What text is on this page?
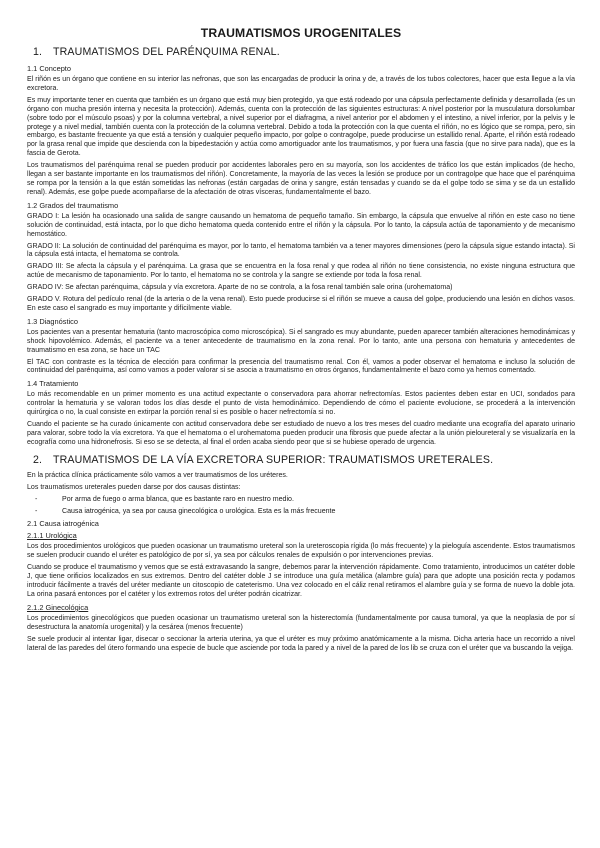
TRAUMATISMOS UROGENITALES
1. TRAUMATISMOS DEL PARÉNQUIMA RENAL.
1.1 Concepto

El riñón es un órgano que contiene en su interior las nefronas, que son las encargadas de producir la orina y de, a través de los tubos colectores, hacer que esta llegue a la vía excretora.

Es muy importante tener en cuenta que también es un órgano que está muy bien protegido, ya que está rodeado por una cápsula perfectamente definida y desarrollada (es un órgano con mucha presión interna y necesita la protección). Además, cuenta con la protección de las siguientes estructuras: A nivel posterior por la musculatura dorsolumbar (sobre todo por el músculo psoas) y por la columna vertebral, a nivel superior por el diafragma, a nivel anterior por el abdomen y el intestino, a nivel inferior, por la pelvis y le protege y a nivel medial, también cuenta con la protección de la columna vertebral. Debido a toda la protección con la que cuenta el riñón, no es lógico que se rompa, pero, sin embargo, es bastante frecuente ya que está a tensión y cualquier pequeño impacto, por golpe o contragolpe, puede producirse un estallido renal. Aparte, el riñón está rodeado por la grasa renal que impide que descienda con la bipedestación y actúa como amortiguador ante los traumatismos, y por fuera una fascia (que no sirve para nada), que es la fascia de Gerota.

Los traumatismos del parénquima renal se pueden producir por accidentes laborales pero en su mayoría, son los accidentes de tráfico los que están implicados (de hecho, llegan a ser bastante importante en los traumatismos del riñón). Concretamente, la mayoría de las veces la lesión se produce por un contragolpe que hace que el parénquima se rompa por la tensión a la que están sometidas las nefronas (están cargadas de orina y sangre, están tensadas y cuando se da el golpe todo se sima y se da un estallido renal). Además, ese golpe puede acompañarse de la afectación de otras vísceras, fundamentalmente el bazo.

1.2 Grados del traumatismo

GRADO I: La lesión ha ocasionado una salida de sangre causando un hematoma de pequeño tamaño. Sin embargo, la cápsula que envuelve al riñón en este caso no tiene solución de continuidad, está intacta, por lo que dicho hematoma queda contenido entre el riñón y la cápsula. Por lo tanto, la cápsula actúa de taponamiento y de mecanismo hemostático.

GRADO II: La solución de continuidad del parénquima es mayor, por lo tanto, el hematoma también va a tener mayores dimensiones (pero la cápsula sigue estando intacta). Si la cápsula está intacta, el hematoma se controla.

GRADO III: Se afecta la cápsula y el parénquima. La grasa que se encuentra en la fosa renal y que rodea al riñón no tiene consistencia, no existe ninguna estructura que actúe de mecanismo de taponamiento. Por lo tanto, el hematoma no se controla y la sangre se extiende por toda la fosa renal.

GRADO IV: Se afectan parénquima, cápsula y vía excretora. Aparte de no se controla, a la fosa renal también sale orina (urohematoma)

GRADO V. Rotura del pedículo renal (de la arteria o de la vena renal). Esto puede producirse si el riñón se mueve a causa del golpe, produciendo una lesión en dichos vasos. En este caso el sangrado es muy importante y difícilmente viable.

1.3 Diagnóstico

Los pacientes van a presentar hematuria (tanto macroscópica como microscópica). Si el sangrado es muy abundante, pueden aparecer también alteraciones hemodinámicas y shock hipovolémico. Además, el paciente va a tener antecedente de traumatismo en la zona renal. Por lo tanto, ante una persona con hematuria y antecedentes de traumatismo en esa zona, se hace un TAC

El TAC con contraste es la técnica de elección para confirmar la presencia del traumatismo renal. Con él, vamos a poder observar el hematoma e incluso la solución de continuidad del parénquima, así como vamos a poder valorar si se asocia a traumatismo en otros órganos, fundamentalmente el bazo como ya hemos comentado.

1.4 Tratamiento

Lo más recomendable en un primer momento es una actitud expectante o conservadora para ahorrar nefrectomías. Estos pacientes deben estar en UCI, sondados para controlar la hematuria y se valoran todos los días desde el punto de vista hemodinámico. Dependiendo de cómo el paciente evolucione, se procederá a la intervención quirúrgica o no, la cual consiste en extirpar la porción renal si es posible o hacer nefrectomía si no.

Cuando el paciente se ha curado únicamente con actitud conservadora debe ser estudiado de nuevo a los tres meses del cuadro mediante una ecografía del aparato urinario para valorar, sobre todo la vía excretora. Ya que el hematoma o el urohematoma pueden producir una fibrosis que puede afectar a la unión pieloureteral y se visualizaría en la ecografía como una hidronefrosis. Si eso se se detecta, al final el orden acaba siendo peor que si se hubiese operado de urgencia.

2. TRAUMATISMOS DE LA VÍA EXCRETORA SUPERIOR: TRAUMATISMOS URETERALES.

En la práctica clínica prácticamente sólo vamos a ver traumatismos de los uréteres.

Los traumatismos ureterales pueden darse por dos causas distintas:

-	Por arma de fuego o arma blanca, que es bastante raro en nuestro medio.
-	Causa iatrogénica, ya sea por causa ginecológica o urológica. Esta es la más frecuente
2.1 Causa iatrogénica
2.1.1 Urológica

Los dos procedimientos urológicos que pueden ocasionar un traumatismo ureteral son la ureteroscopia rígida (lo más frecuente) y la pieloguía ascendente. Estos traumatismos se suelen producir cuando el uréter es patológico de por sí, ya sea por cálculos renales de expulsión o por intervenciones previas.

Cuando se produce el traumatismo y vemos que se está extravasando la sangre, debemos parar la intervención rápidamente. Como tratamiento, introducimos un catéter doble J, que tiene orificios localizados en sus extremos. Dentro del catéter doble J se introduce una guía metálica (alambre guía) para que adopte una posición recta y podamos introducir fácilmente a través del uréter mediante un citoscopio de cateterismo. Una vez colocado en el cáliz renal retiramos el alambre guía y se forma de nuevo la doble jota. La orina pasará entonces por el catéter y los extremos rotos del uréter podrán cicatrizar.

2.1.2 Ginecológica

Los procedimientos ginecológicos que pueden ocasionar un traumatismo ureteral son la histerectomía (fundamentalmente por causa tumoral, ya que la neoplasia de por sí desestructura la anatomía urogenital) y la cesárea (menos frecuente)

Se suele producir al intentar ligar, disecar o seccionar la arteria uterina, ya que el uréter es muy próximo anatómicamente a la misma. Dicha arteria hace un recorrido a nivel lateral de las paredes del útero formando una especie de bucle que asciende por toda la pared y a nivel de la pared de los lib se cruza con el uréter que va buscando la vejiga.
